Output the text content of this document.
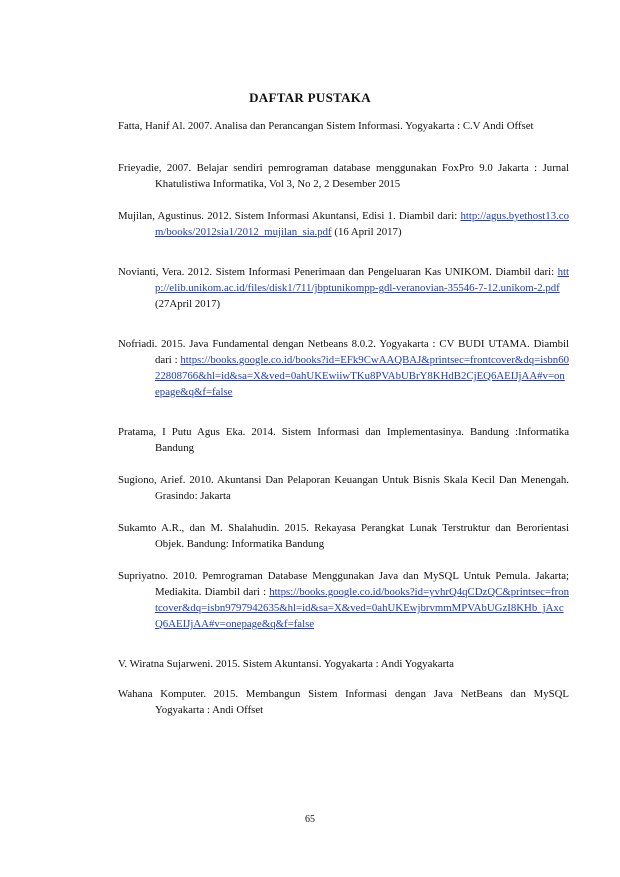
DAFTAR PUSTAKA

Fatta, Hanif Al. 2007. Analisa dan Perancangan Sistem Informasi. Yogyakarta : C.V Andi Offset

Frieyadie, 2007. Belajar sendiri pemrograman database menggunakan FoxPro 9.0 Jakarta : Jurnal Khatulistiwa Informatika, Vol 3, No 2, 2 Desember 2015

Mujilan, Agustinus. 2012. Sistem Informasi Akuntansi, Edisi 1. Diambil dari: http://agus.byethost13.com/books/2012sia1/2012_mujilan_sia.pdf (16 April 2017)

Novianti, Vera. 2012. Sistem Informasi Penerimaan dan Pengeluaran Kas UNIKOM. Diambil dari: http://elib.unikom.ac.id/files/disk1/711/jbptunikompp-gdl-veranovian-35546-7-12.unikom-2.pdf (27April 2017)

Nofriadi. 2015. Java Fundamental dengan Netbeans 8.0.2. Yogyakarta : CV BUDI UTAMA. Diambil dari : https://books.google.co.id/books?id=EFk9CwAAQBAJ&printsec=frontcover&dq=isbn6022808766&hl=id&sa=X&ved=0ahUKEwiiwTKu8PVAbUBrY8KHdB2CjEQ6AEIJjAA#v=onepage&q&f=false

Pratama, I Putu Agus Eka. 2014. Sistem Informasi dan Implementasinya. Bandung :Informatika Bandung

Sugiono, Arief. 2010. Akuntansi Dan Pelaporan Keuangan Untuk Bisnis Skala Kecil Dan Menengah. Grasindo: Jakarta

Sukamto A.R., dan M. Shalahudin. 2015. Rekayasa Perangkat Lunak Terstruktur dan Berorientasi Objek. Bandung: Informatika Bandung

Supriyatno. 2010. Pemrograman Database Menggunakan Java dan MySQL Untuk Pemula. Jakarta; Mediakita. Diambil dari : https://books.google.co.id/books?id=yvhrQ4qCDzQC&printsec=frontcover&dq=isbn9797942635&hl=id&sa=X&ved=0ahUKEwjbrvmmMPVAbUGzI8KHb_jAxcQ6AEIJjAA#v=onepage&q&f=false

V. Wiratna Sujarweni. 2015. Sistem Akuntansi. Yogyakarta : Andi Yogyakarta

Wahana Komputer. 2015. Membangun Sistem Informasi dengan Java NetBeans dan MySQL Yogyakarta : Andi Offset

65
